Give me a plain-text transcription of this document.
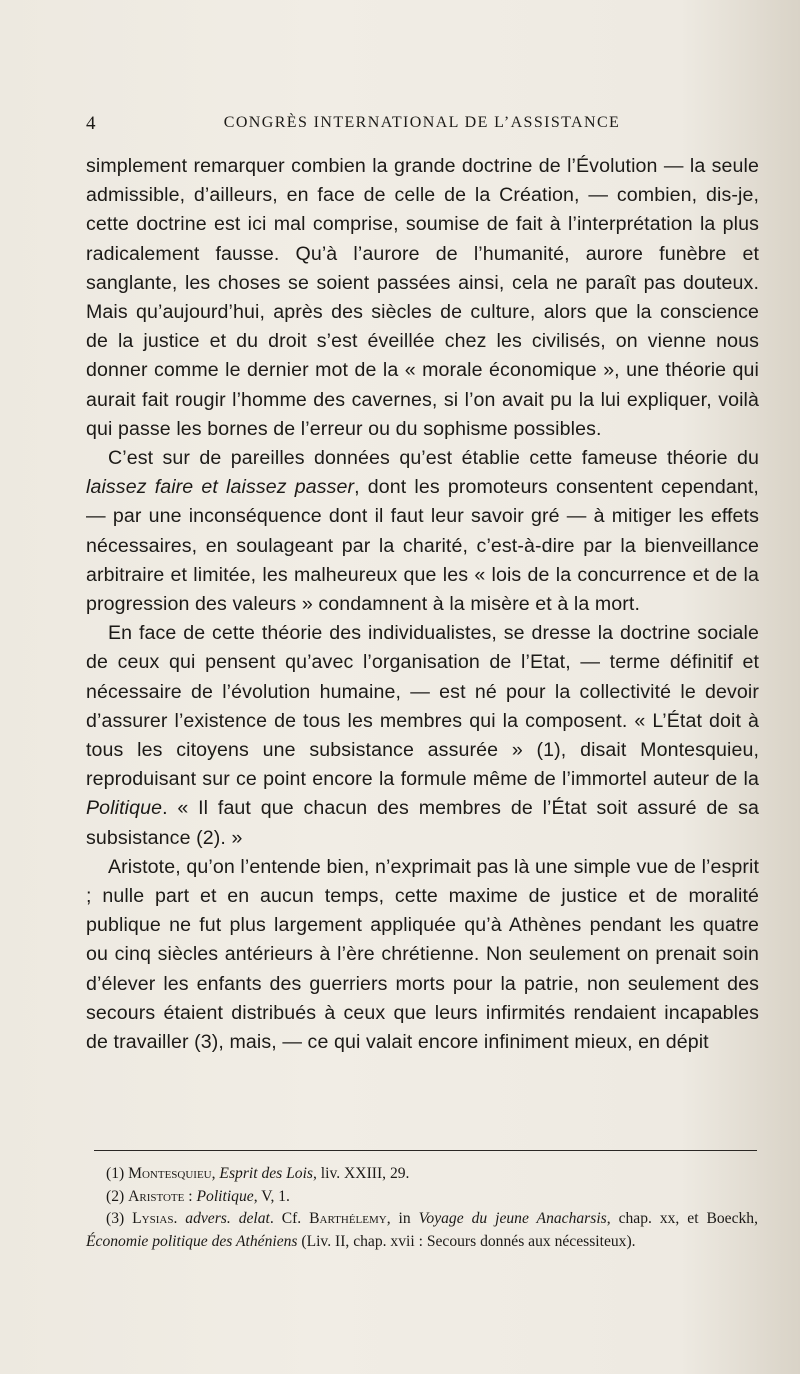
4	CONGRÈS INTERNATIONAL DE L’ASSISTANCE

simplement remarquer combien la grande doctrine de l’Évolution — la seule admissible, d’ailleurs, en face de celle de la Création, — combien, dis-je, cette doctrine est ici mal comprise, soumise de fait à l’interprétation la plus radicalement fausse. Qu’à l’aurore de l’humanité, aurore funèbre et sanglante, les choses se soient passées ainsi, cela ne paraît pas douteux. Mais qu’aujourd’hui, après des siècles de culture, alors que la conscience de la justice et du droit s’est éveillée chez les civilisés, on vienne nous donner comme le dernier mot de la « morale économique », une théorie qui aurait fait rougir l’homme des cavernes, si l’on avait pu la lui expliquer, voilà qui passe les bornes de l’erreur ou du sophisme possibles.

C’est sur de pareilles données qu’est établie cette fameuse théorie du laissez faire et laissez passer, dont les promoteurs consentent cependant, — par une inconséquence dont il faut leur savoir gré — à mitiger les effets nécessaires, en soulageant par la charité, c’est-à-dire par la bienveillance arbitraire et limitée, les malheureux que les « lois de la concurrence et de la progression des valeurs » condamnent à la misère et à la mort.

En face de cette théorie des individualistes, se dresse la doctrine sociale de ceux qui pensent qu’avec l’organisation de l’Etat, — terme définitif et nécessaire de l’évolution humaine, — est né pour la collectivité le devoir d’assurer l’existence de tous les membres qui la composent. « L’État doit à tous les citoyens une subsistance assurée » (1), disait Montesquieu, reproduisant sur ce point encore la formule même de l’immortel auteur de la Politique. « Il faut que chacun des membres de l’État soit assuré de sa subsistance (2). »

Aristote, qu’on l’entende bien, n’exprimait pas là une simple vue de l’esprit ; nulle part et en aucun temps, cette maxime de justice et de moralité publique ne fut plus largement appliquée qu’à Athènes pendant les quatre ou cinq siècles antérieurs à l’ère chrétienne. Non seulement on prenait soin d’élever les enfants des guerriers morts pour la patrie, non seulement des secours étaient distribués à ceux que leurs infirmités rendaient incapables de travailler (3), mais, — ce qui valait encore infiniment mieux, en dépit

(1) Montesquieu, Esprit des Lois, liv. XXIII, 29.

(2) Aristote : Politique, V, 1.

(3) Lysias. advers. delat. Cf. Barthélemy, in Voyage du jeune Anacharsis, chap. xx, et Boeckh, Économie politique des Athéniens (Liv. II, chap. xvii : Secours donnés aux nécessiteux).
